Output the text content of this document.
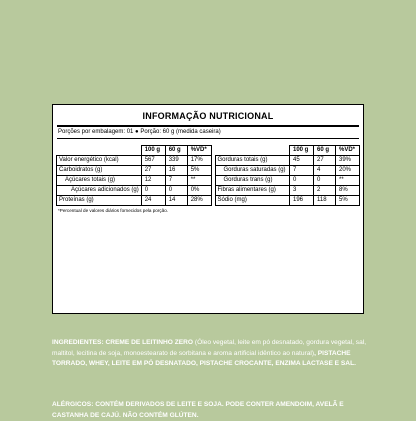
INFORMAÇÃO NUTRICIONAL
Porções por embalagem: 01 ● Porção: 60 g (medida caseira)
	100 g	60 g	%VD*
Valor energético (kcal)	567	339	17%
Carboidratos (g)	27	16	5%
Açúcares totais (g)	12	7	**
Açúcares adicionados (g)	0	0	0%
Proteínas (g)	24	14	28%
	100 g	60 g	%VD*
Gorduras totais (g)	45	27	39%
Gorduras saturadas (g)	7	4	20%
Gorduras trans (g)	0	0	**
Fibras alimentares (g)	3	2	8%
Sódio (mg)	196	118	5%
*Percentual de valores diários fornecidos pela porção.
INGREDIENTES: CREME DE LEITINHO ZERO (Óleo vegetal, leite em pó desnatado, gordura vegetal, sal, maltitol, lecitina de soja, monoestearato de sorbitana e aroma artificial idêntico ao natural), PISTACHE TORRADO, WHEY, LEITE EM PÓ DESNATADO, PISTACHE CROCANTE, ENZIMA LACTASE E SAL.
ALÉRGICOS: CONTÉM DERIVADOS DE LEITE E SOJA. PODE CONTER AMENDOIM, AVELÃ E CASTANHA DE CAJÚ. NÃO CONTÉM GLÚTEN.
